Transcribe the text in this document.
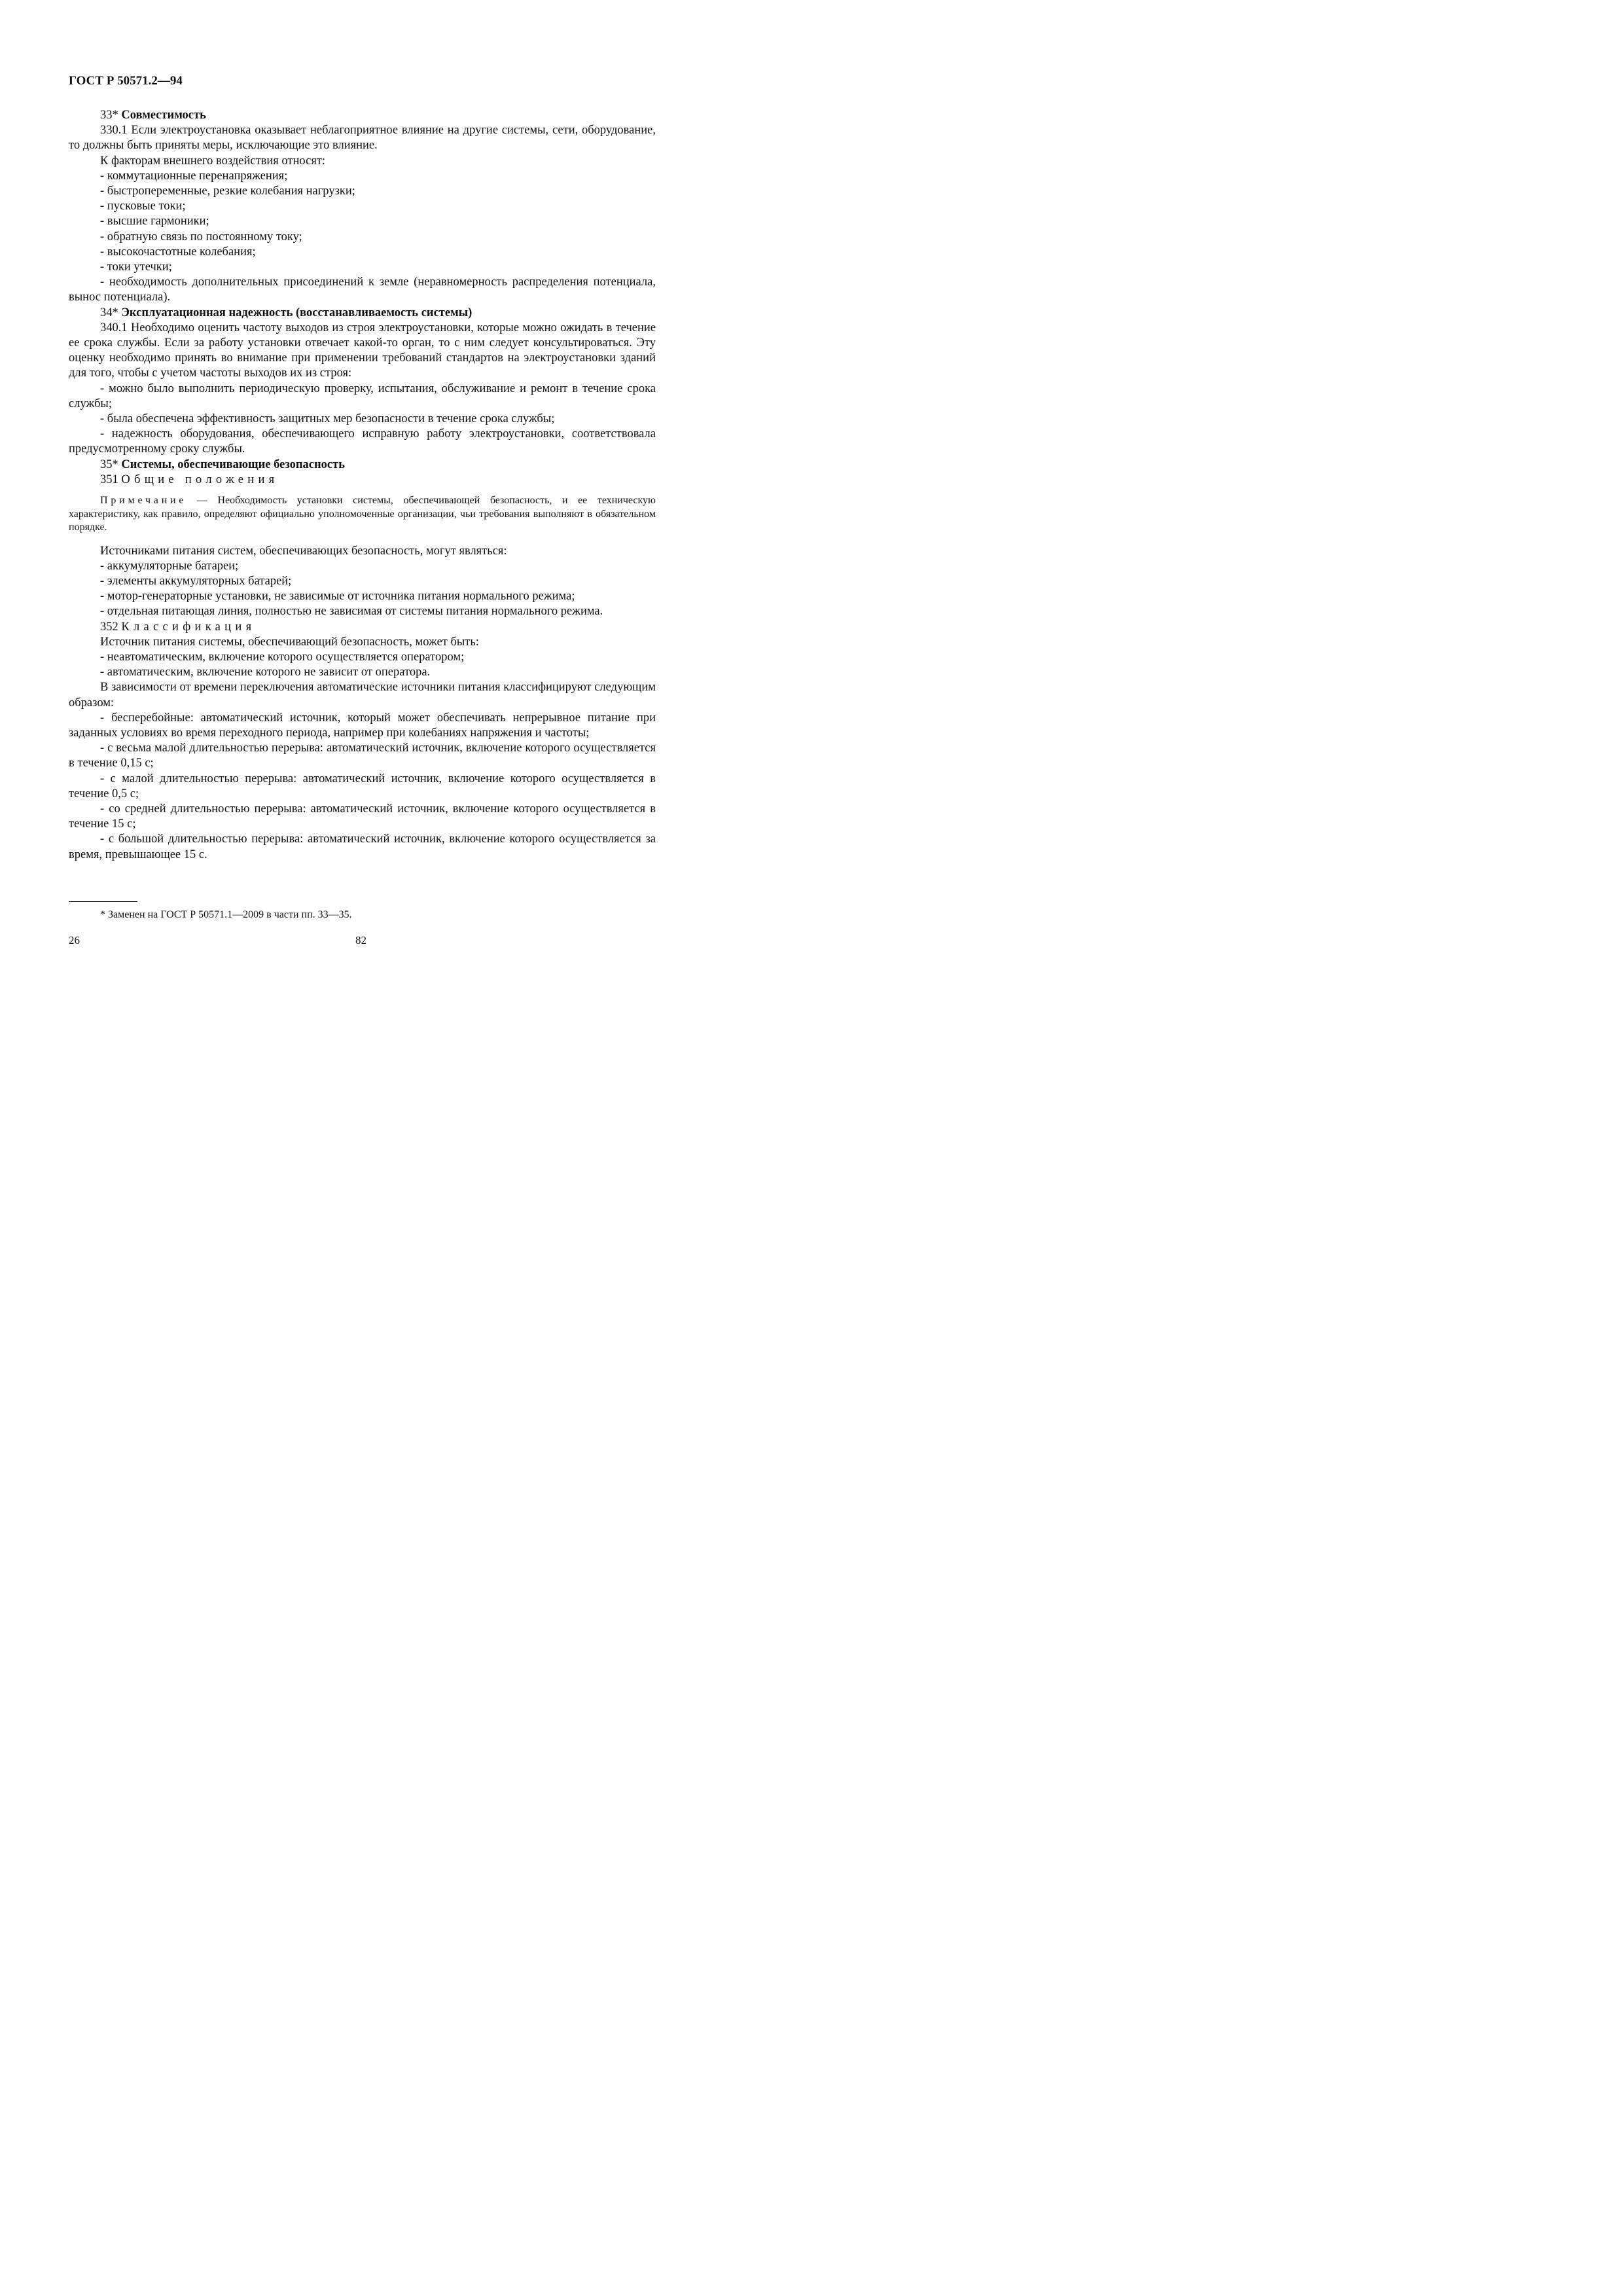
ГОСТ Р 50571.2—94

33* Совместимость

330.1 Если электроустановка оказывает неблагоприятное влияние на другие системы, сети, оборудование, то должны быть приняты меры, исключающие это влияние.

К факторам внешнего воздействия относят:

- коммутационные перенапряжения;

- быстропеременные, резкие колебания нагрузки;

- пусковые токи;

- высшие гармоники;

- обратную связь по постоянному току;

- высокочастотные колебания;

- токи утечки;

- необходимость дополнительных присоединений к земле (неравномерность распределения потенциала, вынос потенциала).

34* Эксплуатационная надежность (восстанавливаемость системы)

340.1 Необходимо оценить частоту выходов из строя электроустановки, которые можно ожидать в течение ее срока службы. Если за работу установки отвечает какой-то орган, то с ним следует консультироваться. Эту оценку необходимо принять во внимание при применении требований стандартов на электроустановки зданий для того, чтобы с учетом частоты выходов их из строя:

- можно было выполнить периодическую проверку, испытания, обслуживание и ремонт в течение срока службы;

- была обеспечена эффективность защитных мер безопасности в течение срока службы;

- надежность оборудования, обеспечивающего исправную работу электроустановки, соответствовала предусмотренному сроку службы.

35* Системы, обеспечивающие безопасность

351 Общие положения

Примечание — Необходимость установки системы, обеспечивающей безопасность, и ее техническую характеристику, как правило, определяют официально уполномоченные организации, чьи требования выполняют в обязательном порядке.

Источниками питания систем, обеспечивающих безопасность, могут являться:

- аккумуляторные батареи;

- элементы аккумуляторных батарей;

- мотор-генераторные установки, не зависимые от источника питания нормального режима;

- отдельная питающая линия, полностью не зависимая от системы питания нормального режима.

352 Классификация

Источник питания системы, обеспечивающий безопасность, может быть:

- неавтоматическим, включение которого осуществляется оператором;

- автоматическим, включение которого не зависит от оператора.

В зависимости от времени переключения автоматические источники питания классифицируют следующим образом:

- бесперебойные: автоматический источник, который может обеспечивать непрерывное питание при заданных условиях во время переходного периода, например при колебаниях напряжения и частоты;

- с весьма малой длительностью перерыва: автоматический источник, включение которого осуществляется в течение 0,15 с;

- с малой длительностью перерыва: автоматический источник, включение которого осуществляется в течение 0,5 с;

- со средней длительностью перерыва: автоматический источник, включение которого осуществляется в течение 15 с;

- с большой длительностью перерыва: автоматический источник, включение которого осуществляется за время, превышающее 15 с.

* Заменен на ГОСТ Р 50571.1—2009 в части пп. 33—35.
26	82
